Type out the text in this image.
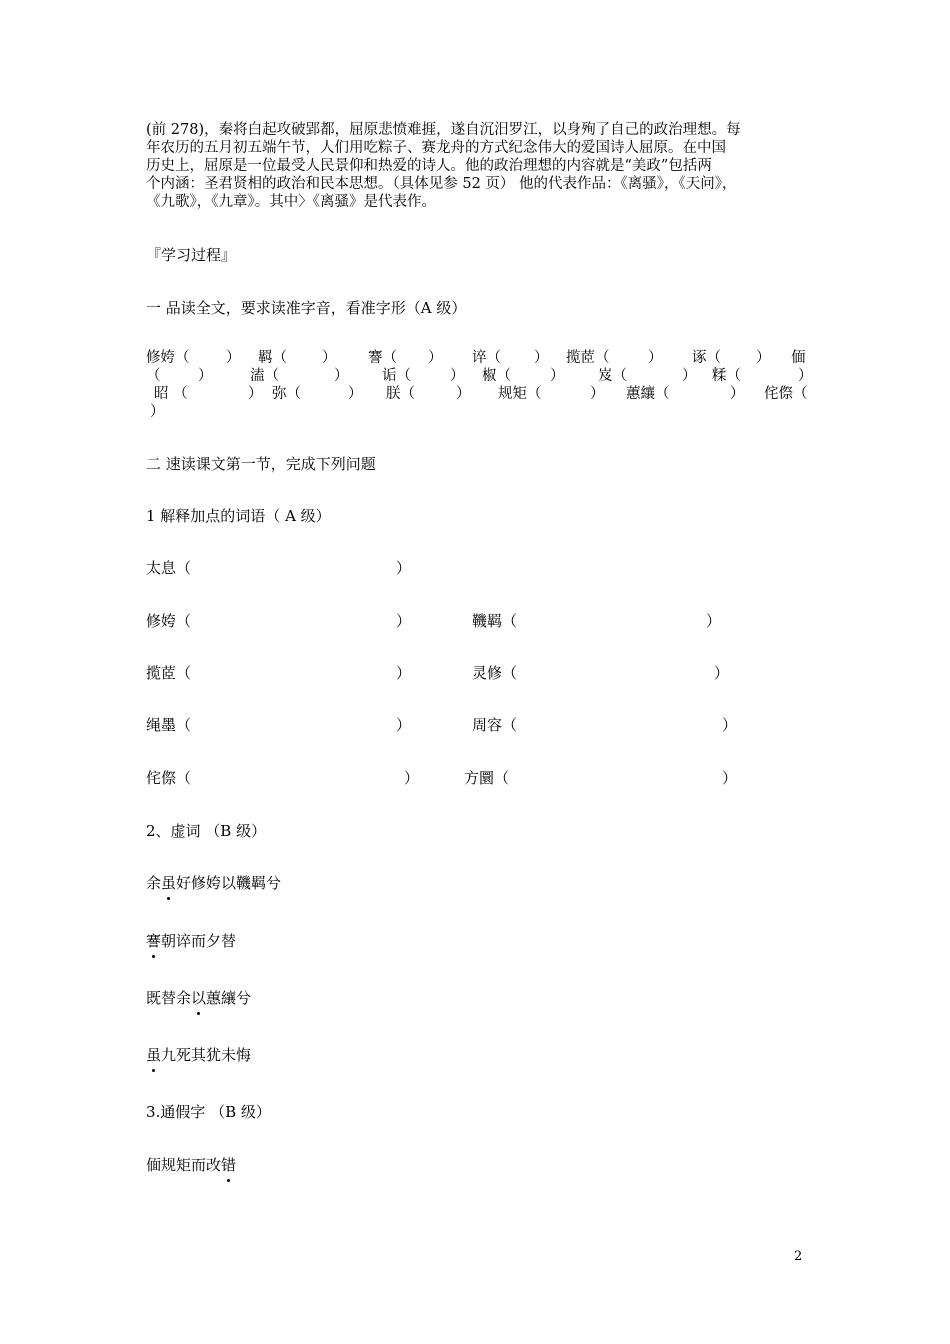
(前 278)，秦将白起攻破郢都，屈原悲愤难捱，遂自沉汨罗江，以身殉了自己的政治理想。每

年农历的五月初五端午节，人们用吃粽子、赛龙舟的方式纪念伟大的爱国诗人屈原。在中国

历史上，屈原是一位最受人民景仰和热爱的诗人。他的政治理想的内容就是“美政”包括两

个内涵：圣君贤相的政治和民本思想。（具体见参 52 页） 他的代表作品：《离骚》，《天问》，

《九歌》，《九章》。其中〉《离骚》是代表作。

『学习过程』
一 品读全文，要求读准字音，看准字形（A 级）
修姱（	） 羁（ ） 謇（ ） 谇（ ） 揽茝（	） 诼（ ） 偭
（	）	溘（	） 诟（	） 椒（	） 岌（	） 糅（	）
昭 （	） 弥（	） 朕（	） 规矩（	） 蕙纕（	） 侘傺（
）
二 速读课文第一节，完成下列问题
1 解释加点的词语（ A 级）
太息（	）
修姱（	）	鞿羁（	）
揽茝（	）	灵修（	）
绳墨（	）	周容（	）
侘傺（	）	方圜（	）
2、虚词 （B 级）
余虽好修姱以鞿羁兮
謇朝谇而夕替
既替余以蕙纕兮
虽九死其犹未悔
3.通假字 （B 级）
偭规矩而改错
2
